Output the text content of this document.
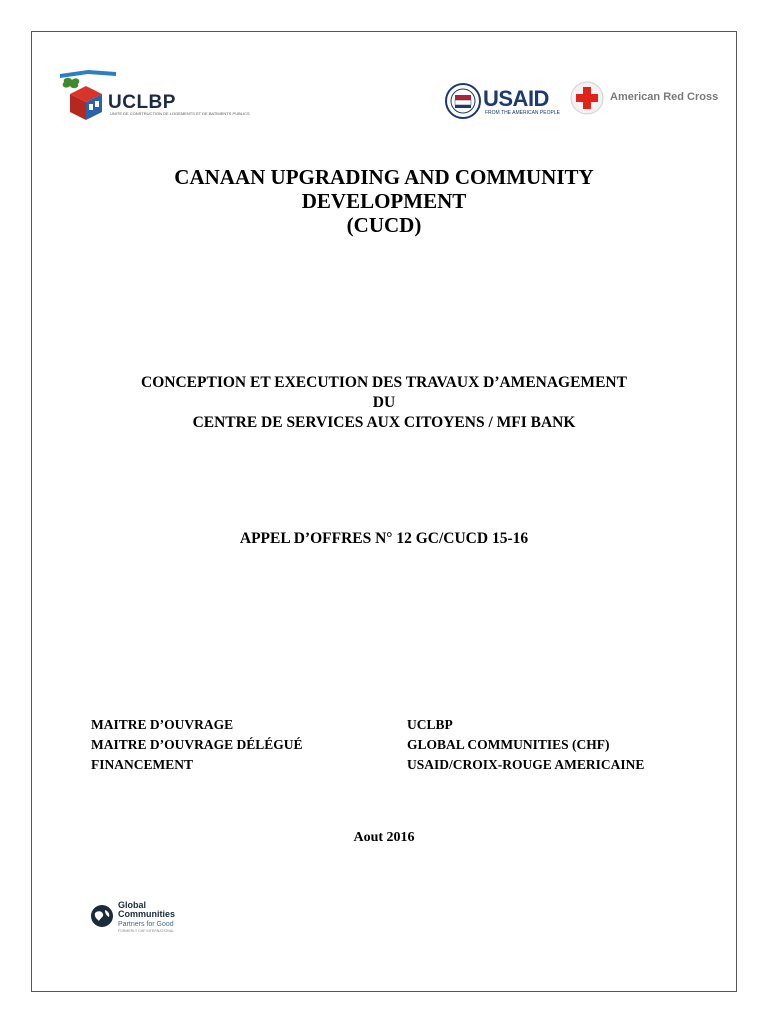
UCLBP
UNITE DE CONSTRUCTION DE LOGEMENTS ET DE BATIMENTS PUBLICS
USAID
FROM THE AMERICAN PEOPLE
American Red Cross
CANAAN UPGRADING AND COMMUNITY
DEVELOPMENT
(CUCD)
CONCEPTION ET EXECUTION DES TRAVAUX D’AMENAGEMENT
DU
CENTRE DE SERVICES AUX CITOYENS / MFI BANK
APPEL D’OFFRES N° 12 GC/CUCD 15-16
MAITRE D’OUVRAGE	UCLBP
MAITRE D’OUVRAGE DÉLÉGUÉ	GLOBAL COMMUNITIES (CHF)
FINANCEMENT	USAID/CROIX-ROUGE AMERICAINE
Aout 2016
Global
Communities
Partners for Good
FORMERLY CHF INTERNATIONAL
